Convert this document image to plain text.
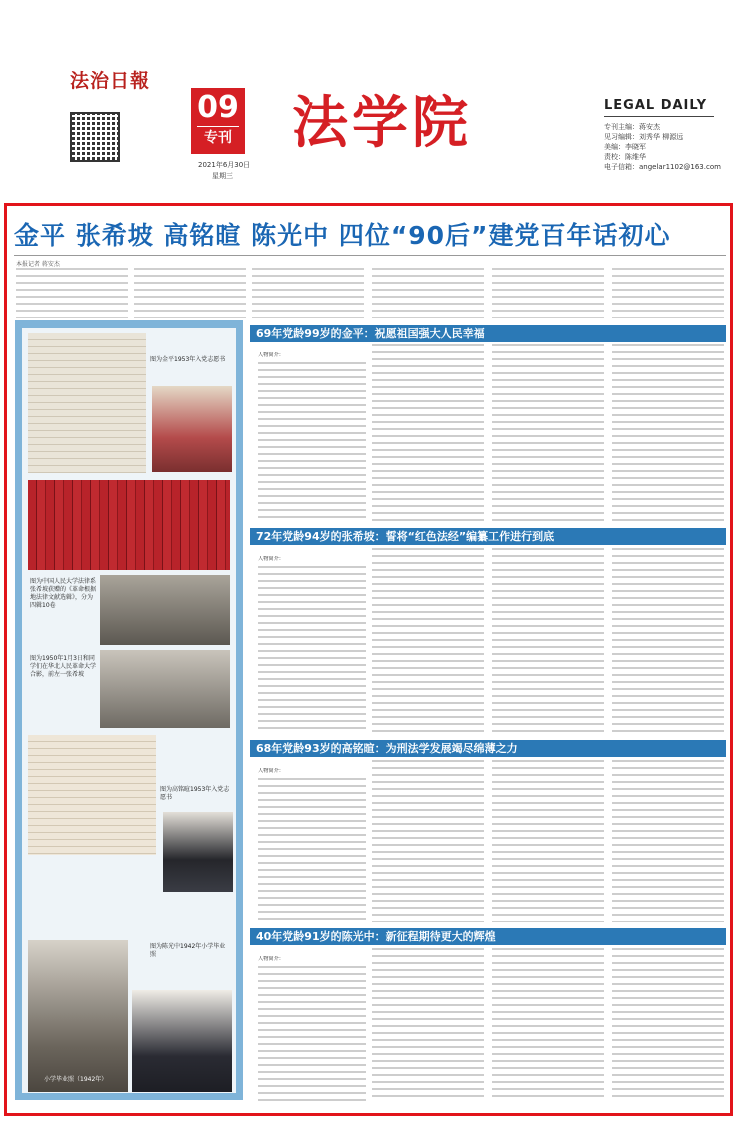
法治日報
09
专刊 法学院
2021年6月30日
星期三
LEGAL DAILY
专刊主编：蒋安杰
见习编辑：刘秀华 柳源远
美编：李晓军
责校：陈维华
电子信箱：angelar1102@163.com
金平 张希坡 高铭暄 陈光中 四位“90后”建党百年话初心
本报记者 蒋安杰
图为金平1953年入党志愿书
图为中国人民大学法律系张希坡获赠的《革命根据地法律文献选辑》，分为四辑10卷
图为1950年1月3日和同学们在华北人民革命大学合影，前左一张希坡
图为高铭暄1953年入党志愿书
小学毕业照（1942年）
图为陈光中1942年小学毕业照
69年党龄99岁的金平：祝愿祖国强大人民幸福
72年党龄94岁的张希坡：誓将“红色法经”编纂工作进行到底
68年党龄93岁的高铭暄：为刑法学发展竭尽绵薄之力
40年党龄91岁的陈光中：新征程期待更大的辉煌
人物简介：
人物简介：
人物简介：
人物简介：
